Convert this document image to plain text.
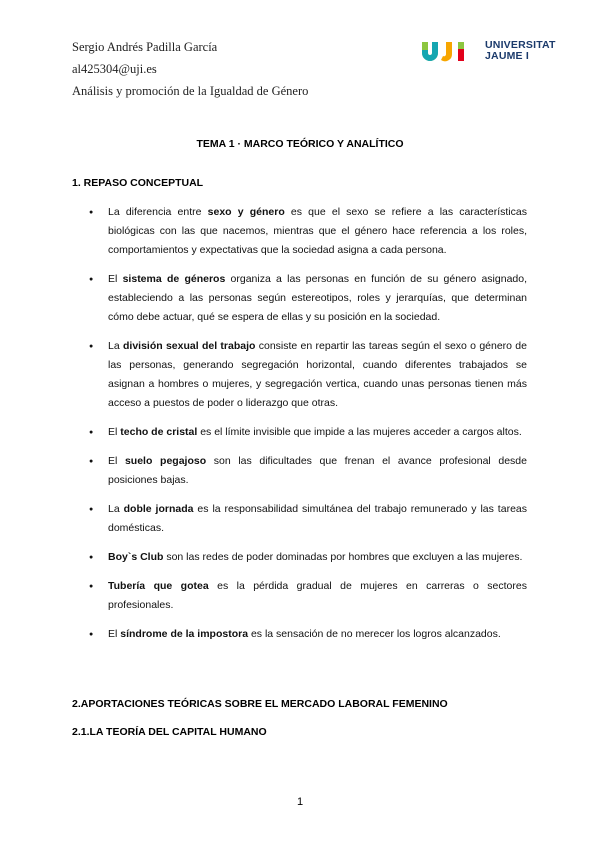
Sergio Andrés Padilla García
al425304@uji.es
Análisis y promoción de la Igualdad de Género
UNIVERSITAT
JAUME I
TEMA 1 · MARCO TEÓRICO Y ANALÍTICO
1. REPASO CONCEPTUAL
● La diferencia entre sexo y género es que el sexo se refiere a las características biológicas con las que nacemos, mientras que el género hace referencia a los roles, comportamientos y expectativas que la sociedad asigna a cada persona.
● El sistema de géneros organiza a las personas en función de su género asignado, estableciendo a las personas según estereotipos, roles y jerarquías, que determinan cómo debe actuar, qué se espera de ellas y su posición en la sociedad.
● La división sexual del trabajo consiste en repartir las tareas según el sexo o género de las personas, generando segregación horizontal, cuando diferentes trabajados se asignan a hombres o mujeres, y segregación vertica, cuando unas personas tienen más acceso a puestos de poder o liderazgo que otras.
● El techo de cristal es el límite invisible que impide a las mujeres acceder a cargos altos.
● El suelo pegajoso son las dificultades que frenan el avance profesional desde posiciones bajas.
● La doble jornada es la responsabilidad simultánea del trabajo remunerado y las tareas domésticas.
● Boy`s Club son las redes de poder dominadas por hombres que excluyen a las mujeres.
● Tubería que gotea es la pérdida gradual de mujeres en carreras o sectores profesionales.
● El síndrome de la impostora es la sensación de no merecer los logros alcanzados.
2.APORTACIONES TEÓRICAS SOBRE EL MERCADO LABORAL FEMENINO
2.1.LA TEORÍA DEL CAPITAL HUMANO
1
